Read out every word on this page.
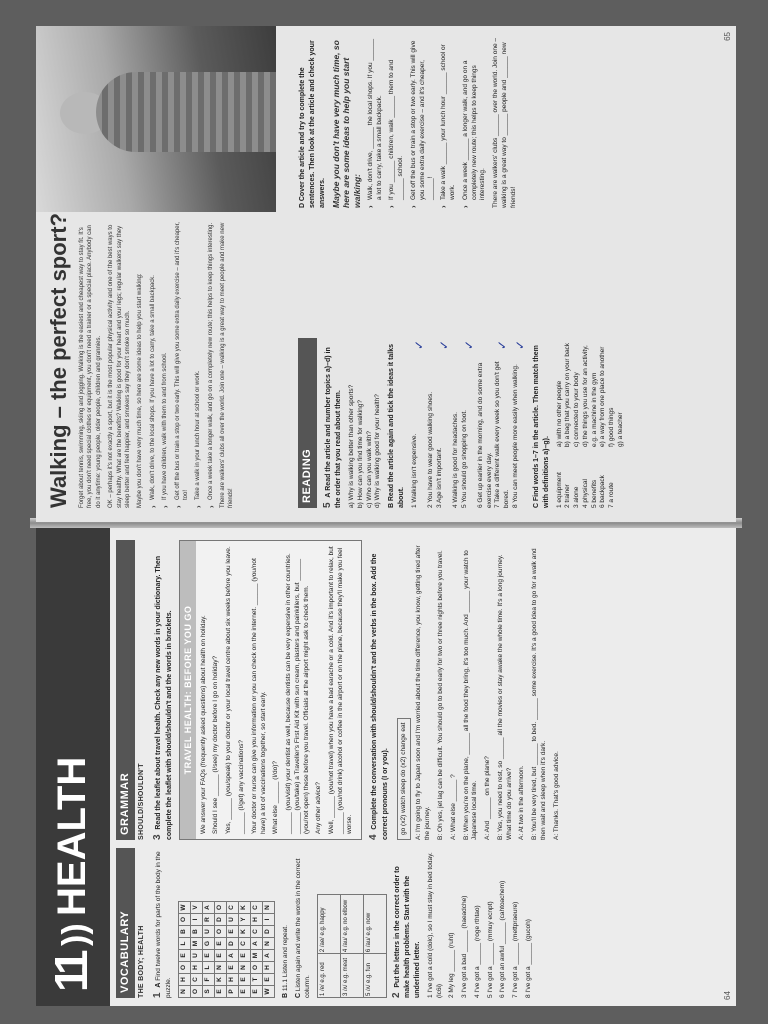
11
))
HEALTH
64
VOCABULARY THE BODY; HEALTH 1 A Find twelve words for parts of the body in the puzzle. N	H	O	E	L	B	O	W
O	C	H	U	M	B	I	V
S	F	L	E	G	U	R	A
E	K	N	E	E	O	D	O
P	H	E	A	D	E	U	C
E	E	N	E	C	K	Y	K
E	T	O	M	A	C	H	C
W	E	H	A	N	D	I	N
B 11.1 Listen and repeat.
C Listen again and write the words in the correct column. 1 /e/ e.g. red	2 /ae/ e.g. happy
3 /ʌ/ e.g. meat	4 /au/ e.g. no elbow
5 /ʌ/ e.g. fun	6 /au/ e.g. now
2 Put the letters in the correct order to make health problems. Start with the underlined letter. 1 I've got a cold (dolc), so I must stay in bed today. (lc6i) 2 My leg ______ (ruht) 3 I've got a bad ______ (haeadche) 4 I've got a ______ (roge rthtao) 5 I've got a ______ (mmuy ecnpt) 6 I've got an awful ______ (cahtoachem) 7 I've got a ______ (mettpraeure) 8 I've got a ______ (gucoh)
GRAMMAR SHOULD/SHOULDN'T 3 Read the leaflet about travel health. Check any new words in your dictionary. Then complete the leaflet with should/shouldn't and the words in brackets.	TRAVEL HEALTH: BEFORE YOU GO	We answer your FAQs (frequently asked questions) about health on holiday. Should I see ______ (I/see) my doctor before I go on holiday? Yes, ______ (you/speak) to your doctor or your local travel centre about six weeks before you leave. ______ (I/get) any vaccinations? Your doctor or nurse can give you information or you can check on the internet. ______ (you/not have) a lot of vaccinations together, so start early. What else ______ (I/do)? ______ (you/visit) your dentist as well, because dentists can be very expensive in other countries. ______ (you/take) a Traveller's First Aid Kit with sun cream, plasters and painkillers, but ______ (you/not open) these before you travel. Officials at the airport might ask to check them. Any other advice? Well, ______ (you/not travel) when you have a bad earache or a cold. And it's important to relax, but ______ (you/not drink) alcohol or coffee in the airport or on the plane, because they'll make you feel worse.

4 Complete the conversation with should/shouldn't and the verbs in the box. Add the correct pronouns (I or you). go (x2) watch sleep do (x2) change eat A: I'm going to fly to Japan soon and I'm worried about the time difference, you know, getting tired after the journey. B: Oh yes, jet lag can be difficult. You should go to bed early for two or three nights before you travel. A: What else ______ ? B: When you're on the plane, ______ all the food they bring, it's too much. And ______ your watch to Japanese local time. A: And ______ on the plane? B: Yes, you need to rest, so ______ all the movies or stay awake the whole time. It's a long journey. What time do you arrive? A: At two in the afternoon. B: You'll be very tired, but ______ to bed. ______ some exercise. It's a good idea to go for a walk and then wait and sleep when it's dark. A: Thanks. That's good advice.
65
Walking – the perfect sport? Forget about tennis, swimming, skiing and jogging. Walking is the easiest and cheapest way to stay fit. It's free, you don't need special clothes or equipment, you don't need a trainer or a special place. Anybody can do it anytime: young people, older people, children and grannies. OK – perhaps it's not exactly a sport, but it is the most popular physical activity and one of the best ways to stay healthy. What are the benefits? Walking is good for your heart and your legs; regular walkers say they sleep better and feel happier, and smokers say they don't smoke so much. Maybe you don't have very much time, so here are some ideas to help you start walking: › Walk, don't drive, to the local shops. If you have a lot to carry, take a small backpack. › If you have children, walk with them to and from school. › Get off the bus or train a stop or two early. This will give you some extra daily exercise – and it's cheaper, too! › Take a walk in your lunch hour at school or work. › Once a week take a longer walk, and go on a completely new route; this helps to keep things interesting. There are walkers' clubs all over the world. Join one – walking is a great way to meet people and make new friends!	READING
5 A Read the article and number topics a)–d) in the order that you read about them. a) Why is walking better than other sports? b) How can you find time for walking? c) Who can you walk with? d) Why is walking good for your health? B Read the article again and tick the ideas it talks about. 1 Walking isn't expensive.
✓
2 You have to wear good walking shoes. 3 Age isn't important.
✓
4 Walking is good for headaches. 5 You should go shopping on foot.
✓
6 Get up earlier in the morning, and do some extra exercise every day. 7 Take a different walk every week so you don't get bored.
✓
8 You can meet people more easily when walking.
✓
C Find words 1–7 in the article. Then match them with definitions a)–g). 1 equipment 2 trainer 3 alone 4 physical 5 benefits 6 backpack 7 a route
a) with no other people b) a bag that you carry on your back c) connected to your body d) the things you use for an activity, e.g. a machine in the gym e) a way from one place to another f) good things g) a teacher
D Cover the article and try to complete the sentences. Then look at the article and check your answers. Maybe you don't have very much time, so here are some ideas to help you start walking: › Walk, don't drive, ______ the local shops. If you ______ a lot to carry, take a small backpack. › If you ______ children, walk ______ them to and ______ school. › Get off the bus or train a stop or two early. This will give you some extra daily exercise – and it's cheaper, ______! › Take a walk ______ your lunch hour ______ school or work. › Once a week ______ a longer walk, and go on a completely new route; this helps to keep things interesting. There are walkers' clubs ______ over the world. Join one – walking is a great way to ______ people and ______ new friends!
